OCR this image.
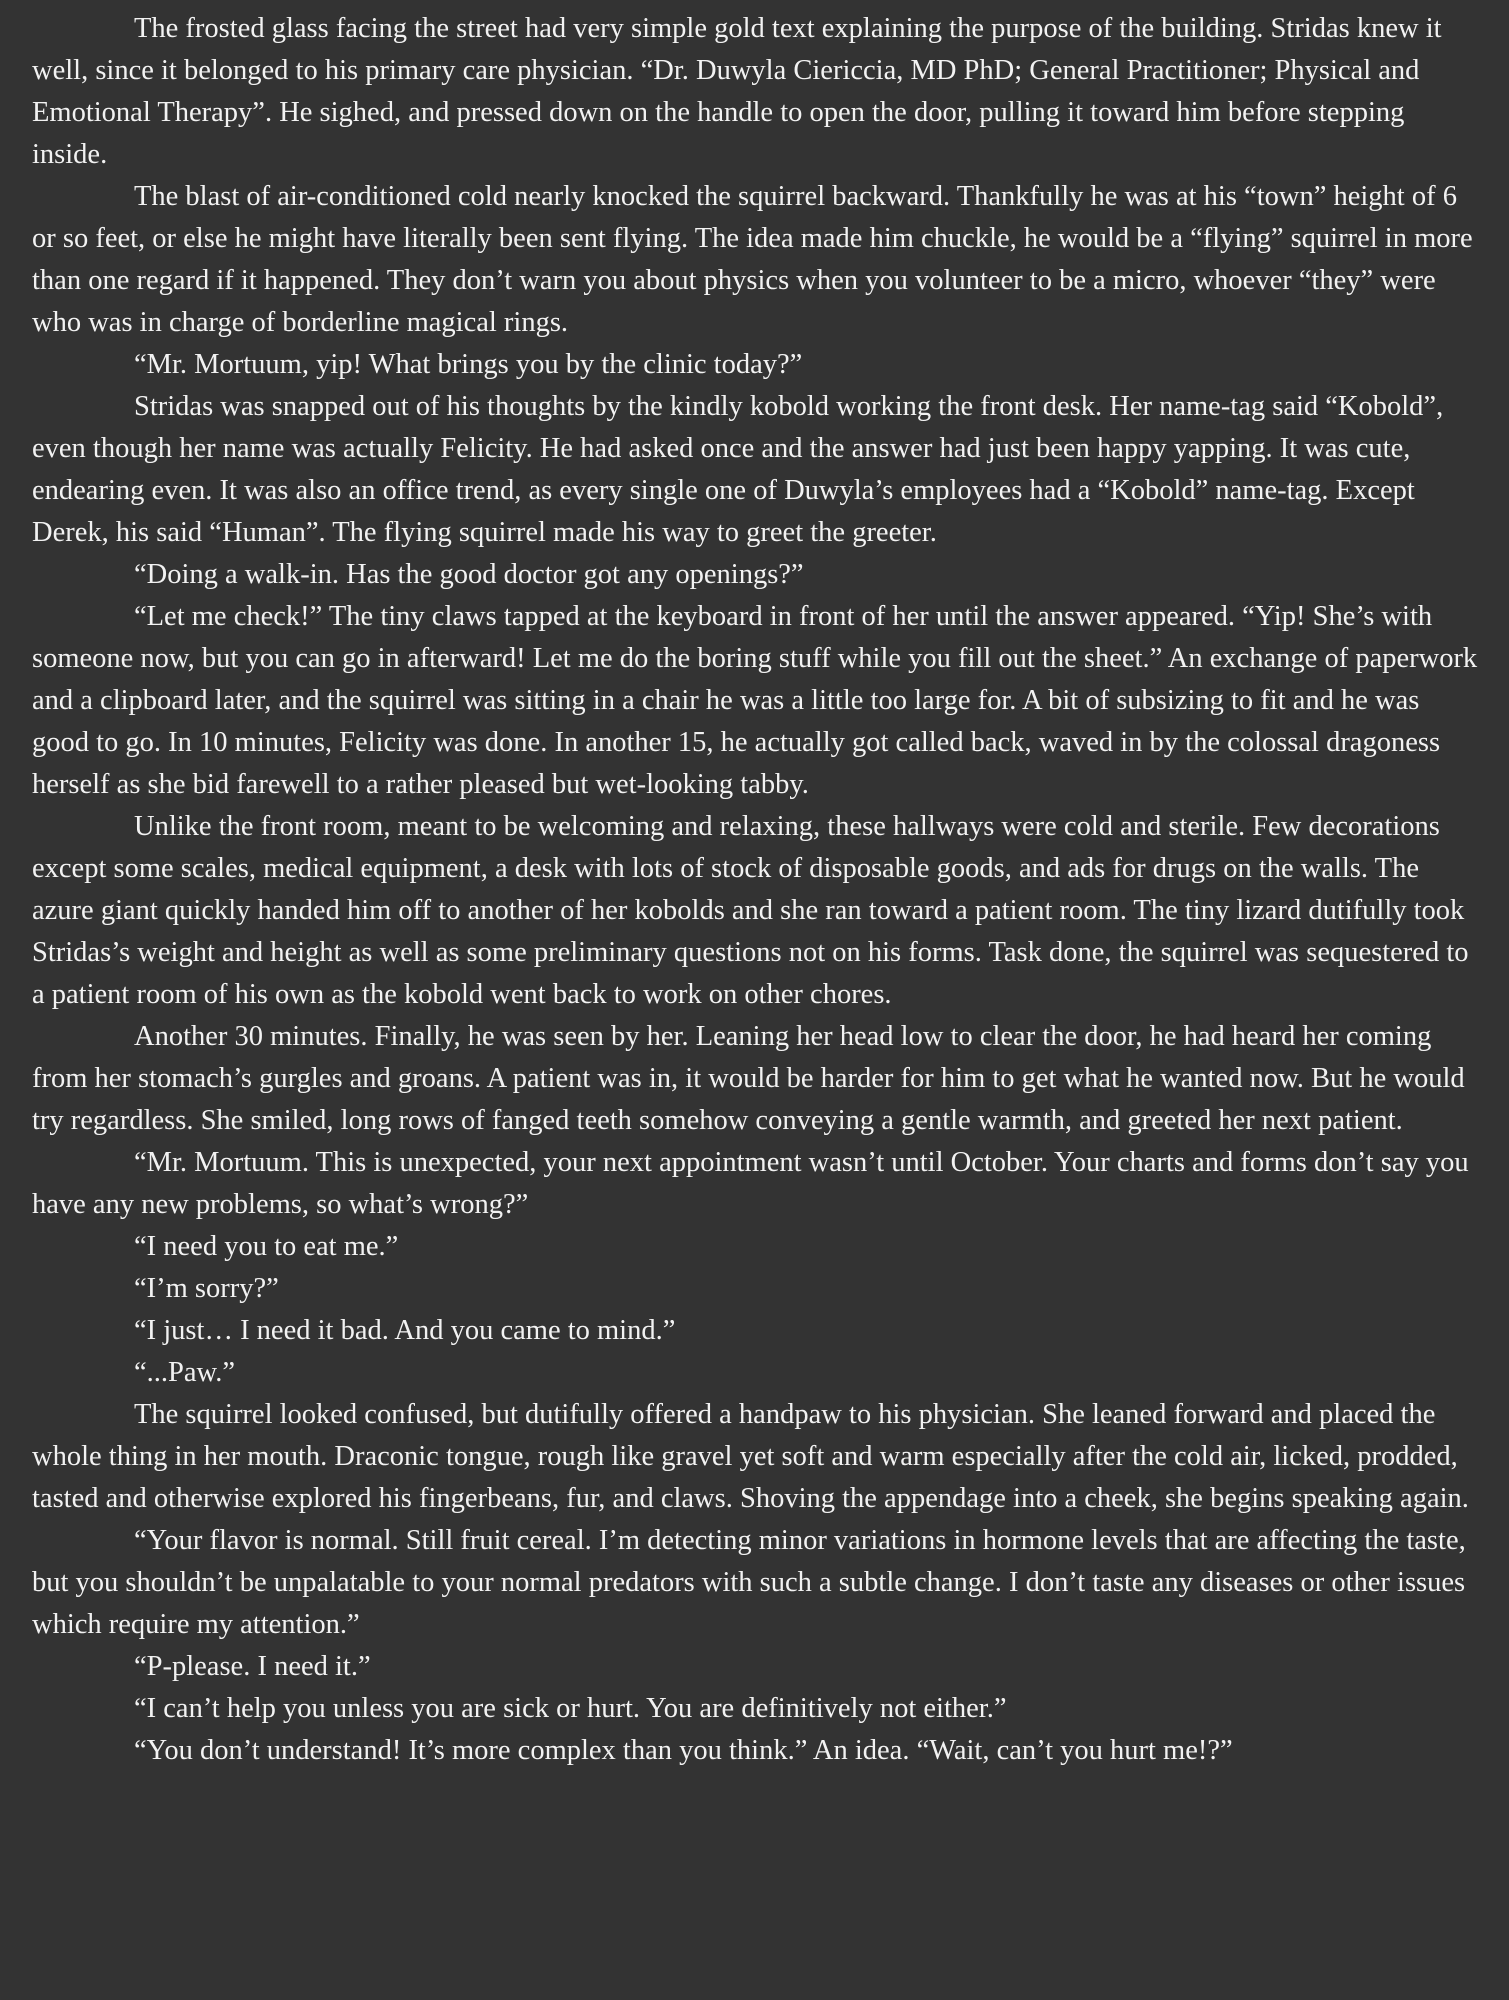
The frosted glass facing the street had very simple gold text explaining the purpose of the building. Stridas knew it well, since it belonged to his primary care physician. “Dr. Duwyla Ciericcia, MD PhD; General Practitioner; Physical and Emotional Therapy”. He sighed, and pressed down on the handle to open the door, pulling it toward him before stepping inside.

The blast of air-conditioned cold nearly knocked the squirrel backward. Thankfully he was at his “town” height of 6 or so feet, or else he might have literally been sent flying. The idea made him chuckle, he would be a “flying” squirrel in more than one regard if it happened. They don’t warn you about physics when you volunteer to be a micro, whoever “they” were who was in charge of borderline magical rings.

“Mr. Mortuum, yip! What brings you by the clinic today?”

Stridas was snapped out of his thoughts by the kindly kobold working the front desk. Her name-tag said “Kobold”, even though her name was actually Felicity. He had asked once and the answer had just been happy yapping. It was cute, endearing even. It was also an office trend, as every single one of Duwyla’s employees had a “Kobold” name-tag. Except Derek, his said “Human”. The flying squirrel made his way to greet the greeter.

“Doing a walk-in. Has the good doctor got any openings?”

“Let me check!” The tiny claws tapped at the keyboard in front of her until the answer appeared. “Yip! She’s with someone now, but you can go in afterward! Let me do the boring stuff while you fill out the sheet.” An exchange of paperwork and a clipboard later, and the squirrel was sitting in a chair he was a little too large for. A bit of subsizing to fit and he was good to go. In 10 minutes, Felicity was done. In another 15, he actually got called back, waved in by the colossal dragoness herself as she bid farewell to a rather pleased but wet-looking tabby.

Unlike the front room, meant to be welcoming and relaxing, these hallways were cold and sterile. Few decorations except some scales, medical equipment, a desk with lots of stock of disposable goods, and ads for drugs on the walls. The azure giant quickly handed him off to another of her kobolds and she ran toward a patient room. The tiny lizard dutifully took Stridas’s weight and height as well as some preliminary questions not on his forms. Task done, the squirrel was sequestered to a patient room of his own as the kobold went back to work on other chores.

Another 30 minutes. Finally, he was seen by her. Leaning her head low to clear the door, he had heard her coming from her stomach’s gurgles and groans. A patient was in, it would be harder for him to get what he wanted now. But he would try regardless. She smiled, long rows of fanged teeth somehow conveying a gentle warmth, and greeted her next patient.

“Mr. Mortuum. This is unexpected, your next appointment wasn’t until October. Your charts and forms don’t say you have any new problems, so what’s wrong?”

“I need you to eat me.”

“I’m sorry?”

“I just… I need it bad. And you came to mind.”

“...Paw.”

The squirrel looked confused, but dutifully offered a handpaw to his physician. She leaned forward and placed the whole thing in her mouth. Draconic tongue, rough like gravel yet soft and warm especially after the cold air, licked, prodded, tasted and otherwise explored his fingerbeans, fur, and claws. Shoving the appendage into a cheek, she begins speaking again.

“Your flavor is normal. Still fruit cereal. I’m detecting minor variations in hormone levels that are affecting the taste, but you shouldn’t be unpalatable to your normal predators with such a subtle change. I don’t taste any diseases or other issues which require my attention.”

“P-please. I need it.”

“I can’t help you unless you are sick or hurt. You are definitively not either.”

“You don’t understand! It’s more complex than you think.” An idea. “Wait, can’t you hurt me!?”
